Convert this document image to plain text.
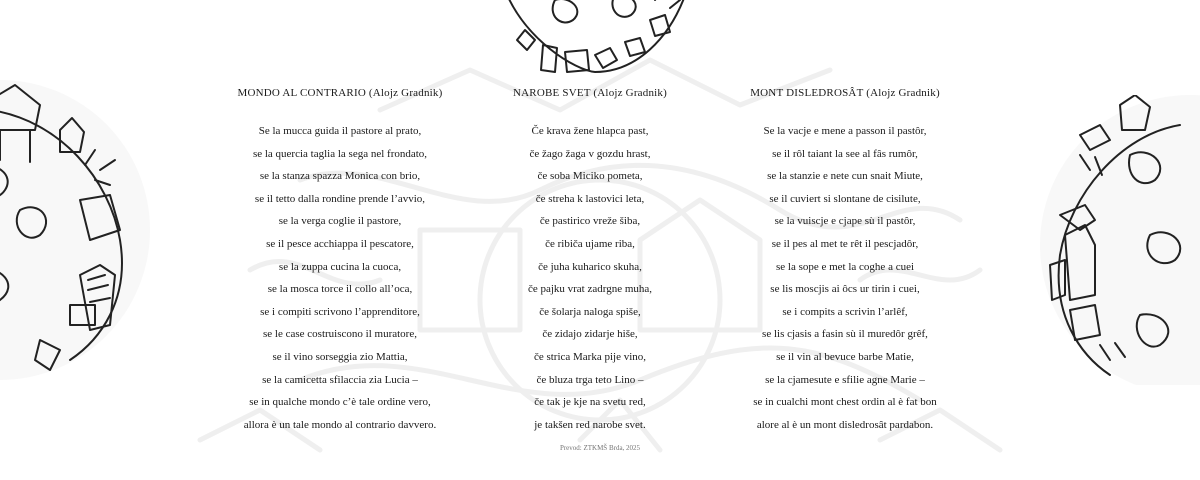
MONDO AL CONTRARIO (Alojz Gradnik)
Se la mucca guida il pastore al prato,
se la quercia taglia la sega nel frondato,
se la stanza spazza Monica con brio,
se il tetto dalla rondine prende l’avvio,
se la verga coglie il pastore,
se il pesce acchiappa il pescatore,
se la zuppa cucina la cuoca,
se la mosca torce il collo all’oca,
se i compiti scrivono l’apprenditore,
se le case costruiscono il muratore,
se il vino sorseggia zio Mattia,
se la camicetta sfilaccia zia Lucia –
se in qualche mondo c’è tale ordine vero,
allora è un tale mondo al contrario davvero.
NAROBE SVET (Alojz Gradnik)
Če krava žene hlapca past,
če žago žaga v gozdu hrast,
če soba Miciko pometa,
če streha k lastovici leta,
če pastirico vreže šiba,
če ribiča ujame riba,
če juha kuharico skuha,
če pajku vrat zadrgne muha,
če šolarja naloga spiše,
če zidajo zidarje hiše,
če strica Marka pije vino,
če bluza trga teto Lino –
če tak je kje na svetu red,
je takšen red narobe svet.
MONT DISLEDROSÂT (Alojz Gradnik)
Se la vacje e mene a passon il pastôr,
se il rôl taiant la see al fâs rumôr,
se la stanzie e nete cun snait Miute,
se il cuviert si slontane de cisilute,
se la vuiscje e cjape sù il pastôr,
se il pes al met te rêt il pescjadôr,
se la sope e met la coghe a cuei
se lis moscjis ai ôcs ur tirin i cuei,
se i compits a scrivin l’arlêf,
se lis cjasis a fasin sù il muredôr grêf,
se il vin al bevuce barbe Matie,
se la cjamesute e sfilie agne Marie –
se in cualchi mont chest ordin al è fat bon
alore al è un mont disledrosât pardabon.
Prevod: ZTKMŠ Brda, 2025
